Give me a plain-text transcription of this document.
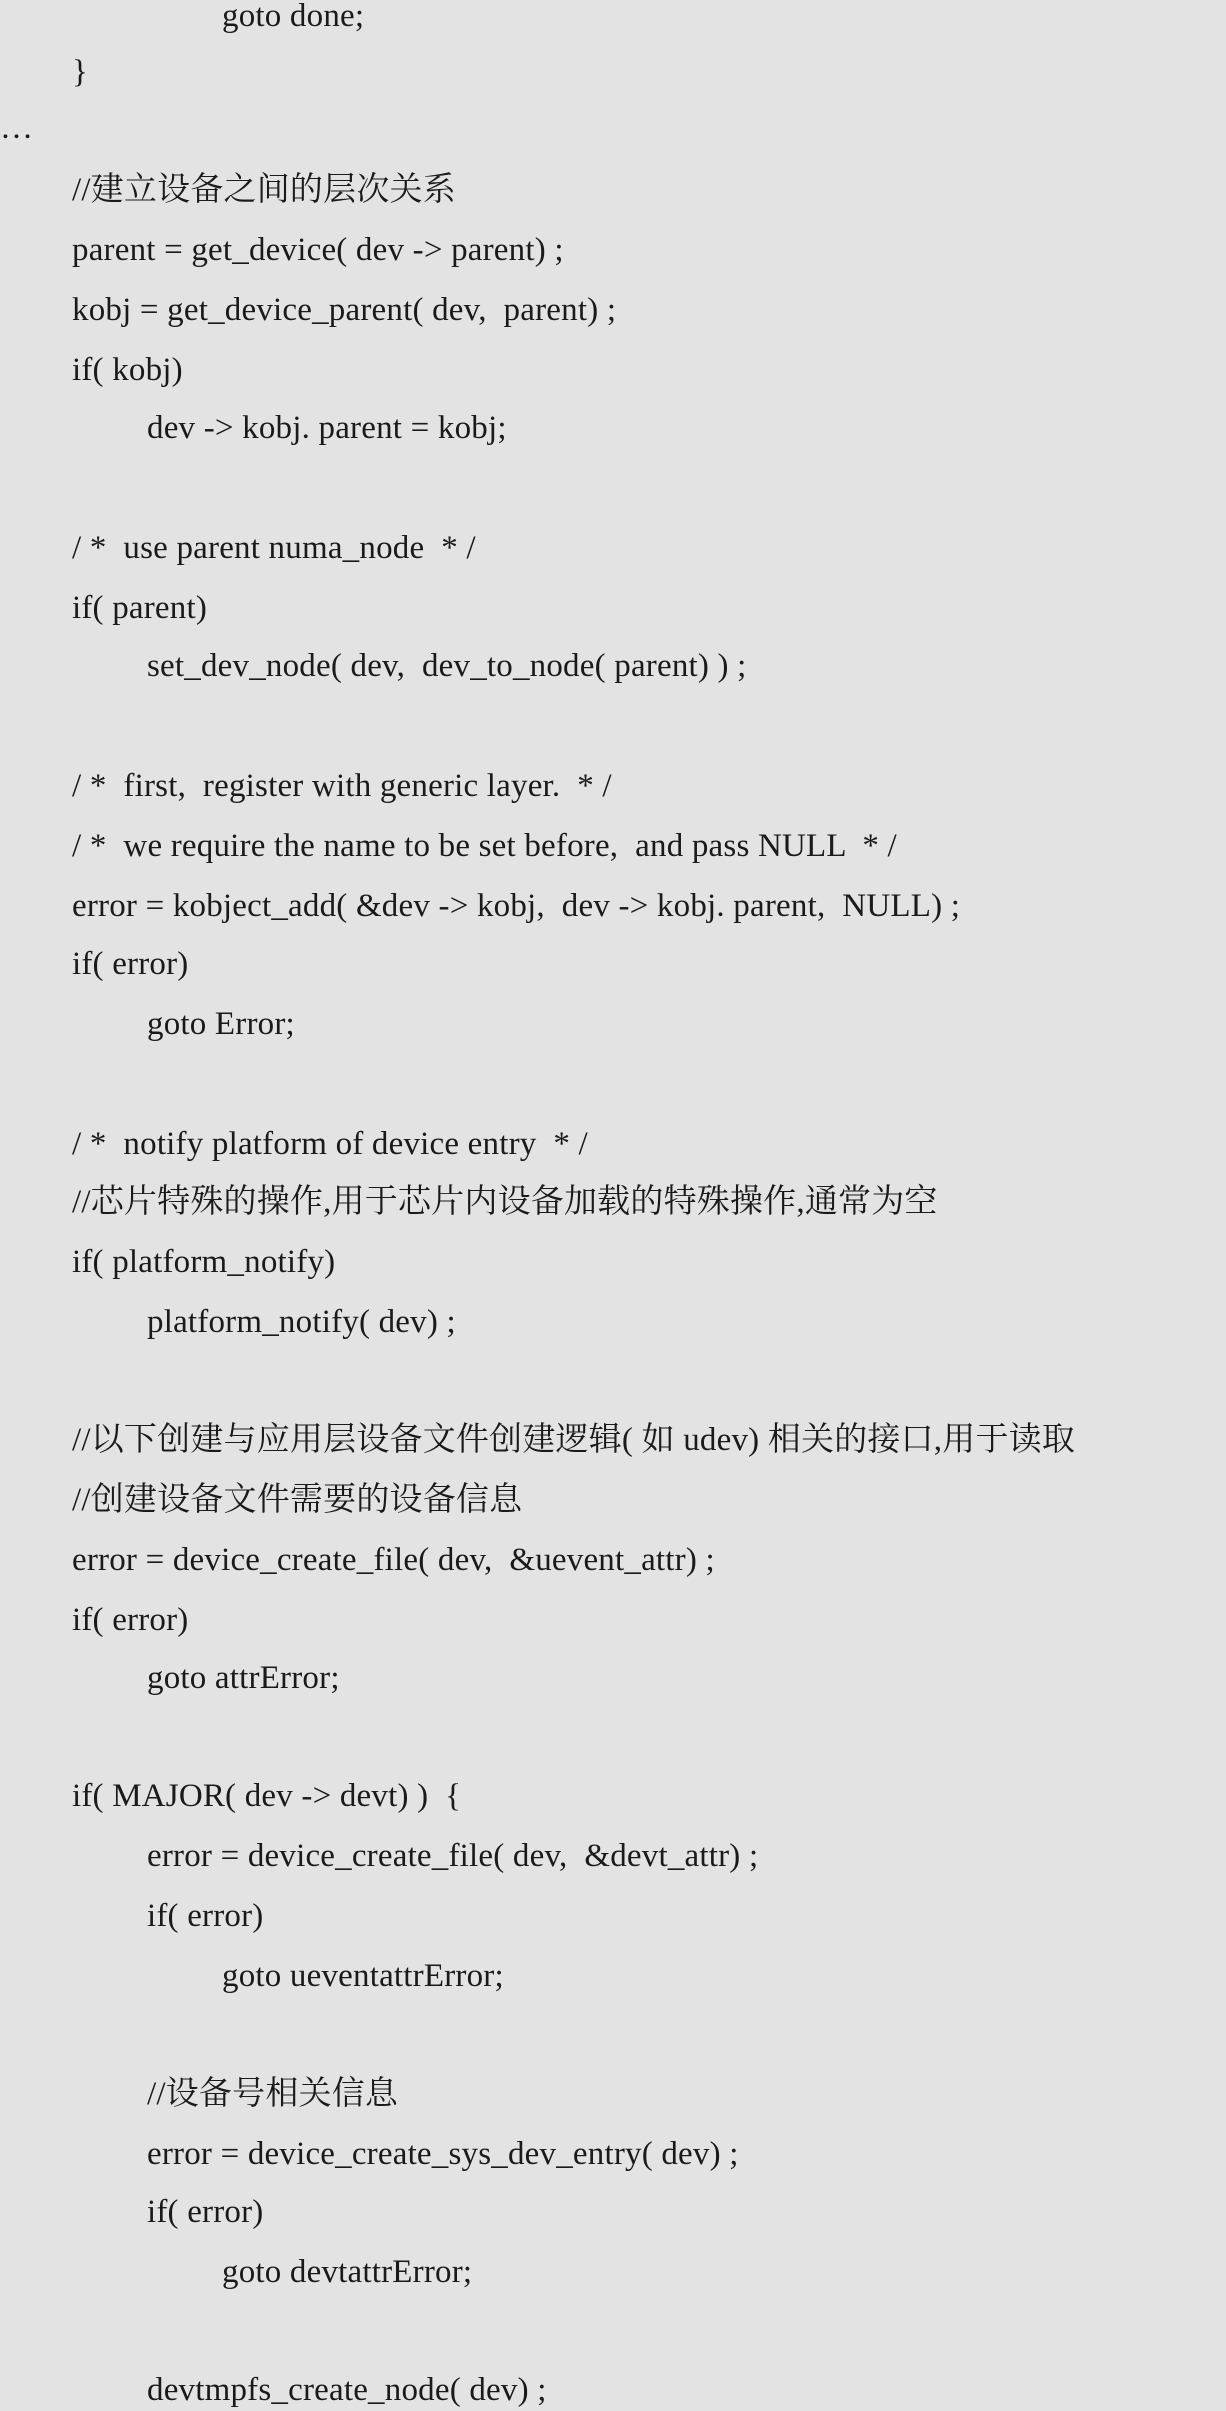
goto done;
}
…
//建立设备之间的层次关系
parent = get_device( dev -> parent) ;
kobj = get_device_parent( dev,  parent) ;
if( kobj)
dev -> kobj. parent = kobj;
/ *  use parent numa_node  * /
if( parent)
set_dev_node( dev,  dev_to_node( parent) ) ;
/ *  first,  register with generic layer.  * /
/ *  we require the name to be set before,  and pass NULL  * /
error = kobject_add( &dev -> kobj,  dev -> kobj. parent,  NULL) ;
if( error)
goto Error;
/ *  notify platform of device entry  * /
//芯片特殊的操作,用于芯片内设备加载的特殊操作,通常为空
if( platform_notify)
platform_notify( dev) ;
//以下创建与应用层设备文件创建逻辑( 如 udev) 相关的接口,用于读取
//创建设备文件需要的设备信息
error = device_create_file( dev,  &uevent_attr) ;
if( error)
goto attrError;
if( MAJOR( dev -> devt) )  {
error = device_create_file( dev,  &devt_attr) ;
if( error)
goto ueventattrError;
//设备号相关信息
error = device_create_sys_dev_entry( dev) ;
if( error)
goto devtattrError;
devtmpfs_create_node( dev) ;
